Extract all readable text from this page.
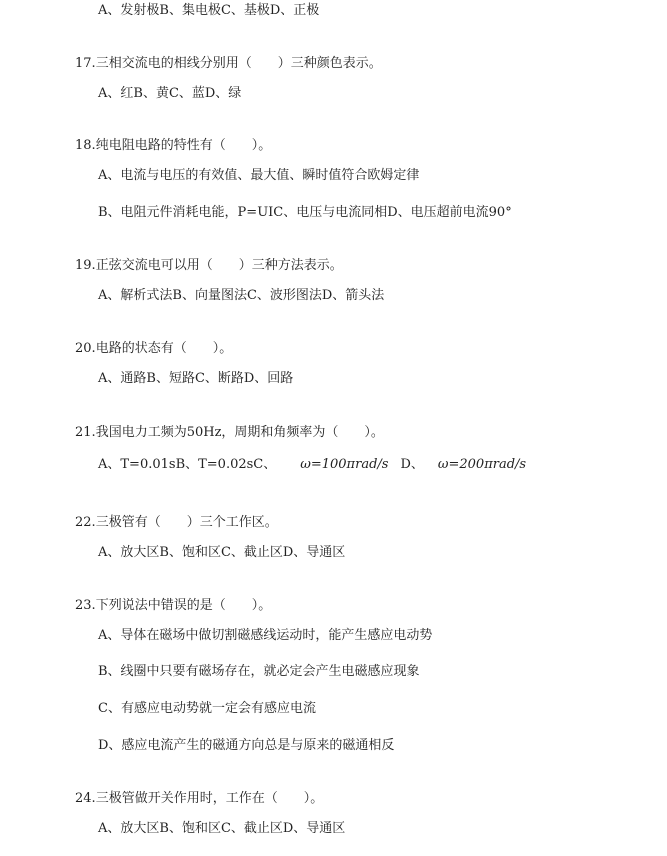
A、发射极B、集电极C、基极D、正极
17.三相交流电的相线分别用（　　）三种颜色表示。
A、红B、黄C、蓝D、绿
18.纯电阻电路的特性有（　　）。
A、电流与电压的有效值、最大值、瞬时值符合欧姆定律
B、电阻元件消耗电能，P=UIC、电压与电流同相D、电压超前电流90°
19.正弦交流电可以用（　　）三种方法表示。
A、解析式法B、向量图法C、波形图法D、箭头法
20.电路的状态有（　　）。
A、通路B、短路C、断路D、回路
21.我国电力工频为50Hz，周期和角频率为（　　）。
A、T=0.01sB、T=0.02sC、 ω=100πrad/s D、 ω=200πrad/s
22.三极管有（　　）三个工作区。
A、放大区B、饱和区C、截止区D、导通区
23.下列说法中错误的是（　　）。
A、导体在磁场中做切割磁感线运动时，能产生感应电动势
B、线圈中只要有磁场存在，就必定会产生电磁感应现象
C、有感应电动势就一定会有感应电流
D、感应电流产生的磁通方向总是与原来的磁通相反
24.三极管做开关作用时，工作在（　　）。
A、放大区B、饱和区C、截止区D、导通区
